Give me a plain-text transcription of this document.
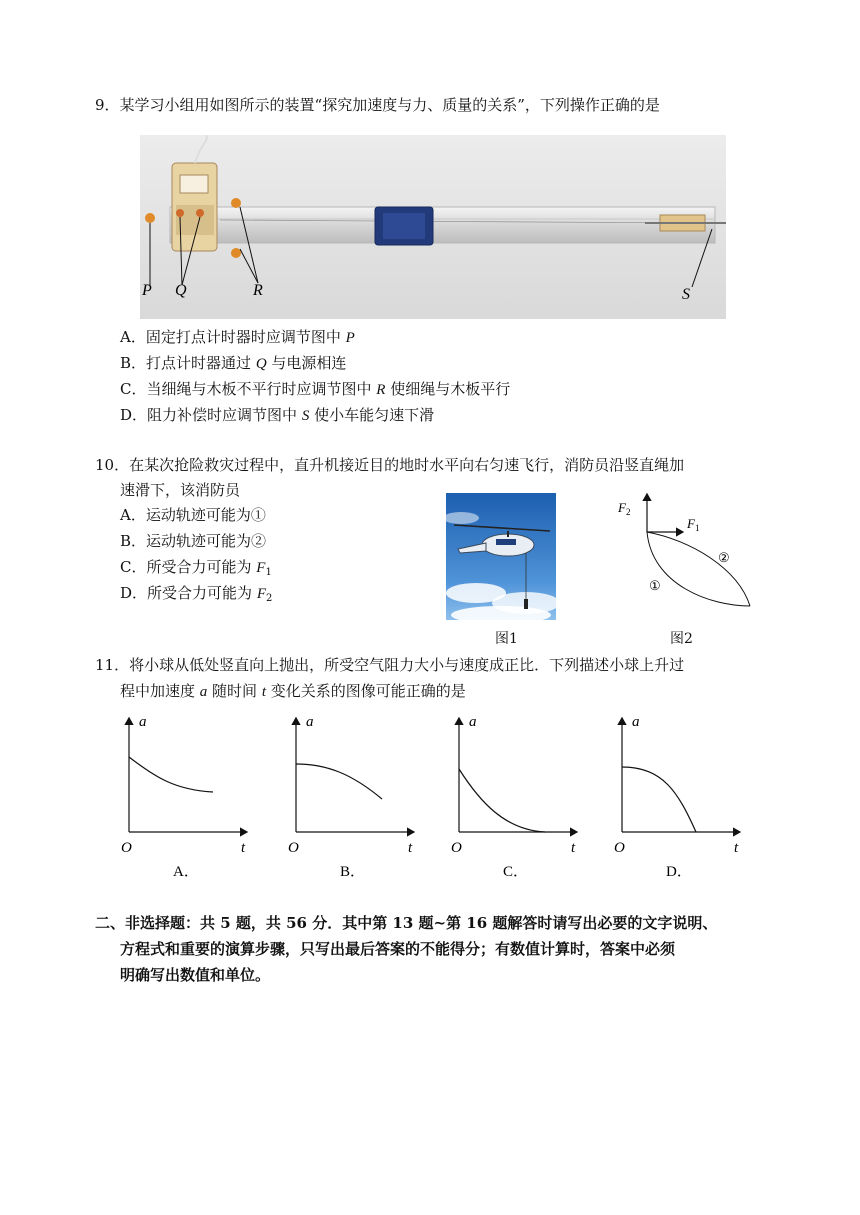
9．某学习小组用如图所示的装置“探究加速度与力、质量的关系”，下列操作正确的是
P Q	R	S
A．固定打点计时器时应调节图中 P
B．打点计时器通过 Q 与电源相连
C．当细绳与木板不平行时应调节图中 R 使细绳与木板平行
D．阻力补偿时应调节图中 S 使小车能匀速下滑
10．在某次抢险救灾过程中，直升机接近目的地时水平向右匀速飞行，消防员沿竖直绳加
速滑下，该消防员
A．运动轨迹可能为①
B．运动轨迹可能为②
C．所受合力可能为 $F_1$
D．所受合力可能为 $F_2$
图1
$F_2$
$F_1$
②
①
图2
11．将小球从低处竖直向上抛出，所受空气阻力大小与速度成正比．下列描述小球上升过
程中加速度 a 随时间 t 变化关系的图像可能正确的是
a
t
O
A．
a
t
O
B．
a
t
O
C．
a
t
O
D．
二、非选择题：共 5 题，共 56 分．其中第 13 题~第 16 题解答时请写出必要的文字说明、
方程式和重要的演算步骤，只写出最后答案的不能得分；有数值计算时，答案中必须
明确写出数值和单位。
